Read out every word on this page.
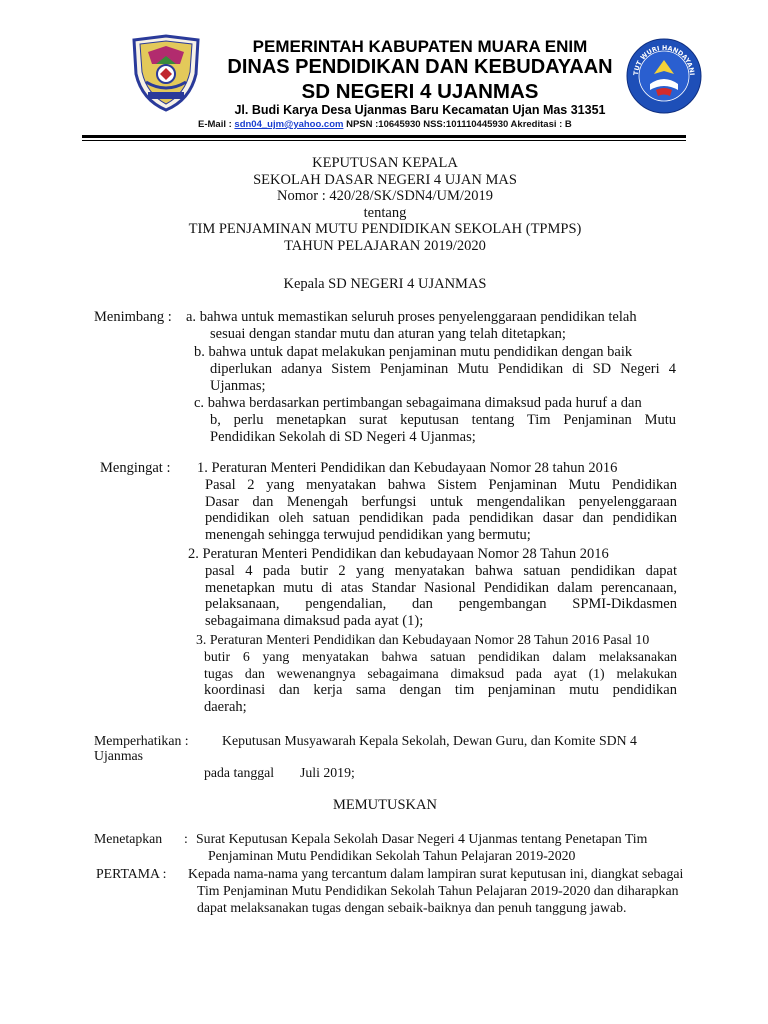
PEMERINTAH KABUPATEN MUARA ENIM
DINAS PENDIDIKAN DAN KEBUDAYAAN
SD NEGERI 4 UJANMAS
Jl. Budi Karya Desa Ujanmas Baru Kecamatan Ujan Mas 31351
E-Mail : sdn04_ujm@yahoo.com NPSN :10645930 NSS:101110445930 Akreditasi : B
TUT WURI HANDAYANI
KEPUTUSAN KEPALA
SEKOLAH DASAR NEGERI 4 UJAN MAS
Nomor : 420/28/SK/SDN4/UM/2019
tentang
TIM PENJAMINAN MUTU PENDIDIKAN SEKOLAH (TPMPS)
TAHUN PELAJARAN 2019/2020
Kepala SD NEGERI 4 UJANMAS
Menimbang : a. bahwa untuk memastikan seluruh proses penyelenggaraan pendidikan telah
sesuai dengan standar mutu dan aturan yang telah ditetapkan;
b. bahwa untuk dapat melakukan penjaminan mutu pendidikan dengan baik
diperlukan adanya Sistem Penjaminan Mutu Pendidikan di SD Negeri 4
Ujanmas;
c. bahwa berdasarkan pertimbangan sebagaimana dimaksud pada huruf a dan
b, perlu menetapkan surat keputusan tentang Tim Penjaminan Mutu
Pendidikan Sekolah di SD Negeri 4 Ujanmas;
Mengingat : 1. Peraturan Menteri Pendidikan dan Kebudayaan Nomor 28 tahun 2016
Pasal 2 yang menyatakan bahwa Sistem Penjaminan Mutu Pendidikan
Dasar dan Menengah berfungsi untuk mengendalikan penyelenggaraan
pendidikan oleh satuan pendidikan pada pendidikan dasar dan pendidikan
menengah sehingga terwujud pendidikan yang bermutu;
2. Peraturan Menteri Pendidikan dan kebudayaan Nomor 28 Tahun 2016
pasal 4 pada butir 2 yang menyatakan bahwa satuan pendidikan dapat
menetapkan mutu di atas Standar Nasional Pendidikan dalam perencanaan,
pelaksanaan, pengendalian, dan pengembangan SPMI-Dikdasmen
sebagaimana dimaksud pada ayat (1);
3. Peraturan Menteri Pendidikan dan Kebudayaan Nomor 28 Tahun 2016 Pasal 10
butir 6 yang menyatakan bahwa satuan pendidikan dalam melaksanakan
tugas dan wewenangnya sebagaimana dimaksud pada ayat (1) melakukan
koordinasi dan kerja sama dengan tim penjaminan mutu pendidikan
daerah;
Memperhatikan : Keputusan Musyawarah Kepala Sekolah, Dewan Guru, dan Komite SDN 4
Ujanmas
pada tanggal Juli 2019;
MEMUTUSKAN
Menetapkan : Surat Keputusan Kepala Sekolah Dasar Negeri 4 Ujanmas tentang Penetapan Tim
Penjaminan Mutu Pendidikan Sekolah Tahun Pelajaran 2019-2020
PERTAMA : Kepada nama-nama yang tercantum dalam lampiran surat keputusan ini, diangkat sebagai
Tim Penjaminan Mutu Pendidikan Sekolah Tahun Pelajaran 2019-2020 dan diharapkan
dapat melaksanakan tugas dengan sebaik-baiknya dan penuh tanggung jawab.
